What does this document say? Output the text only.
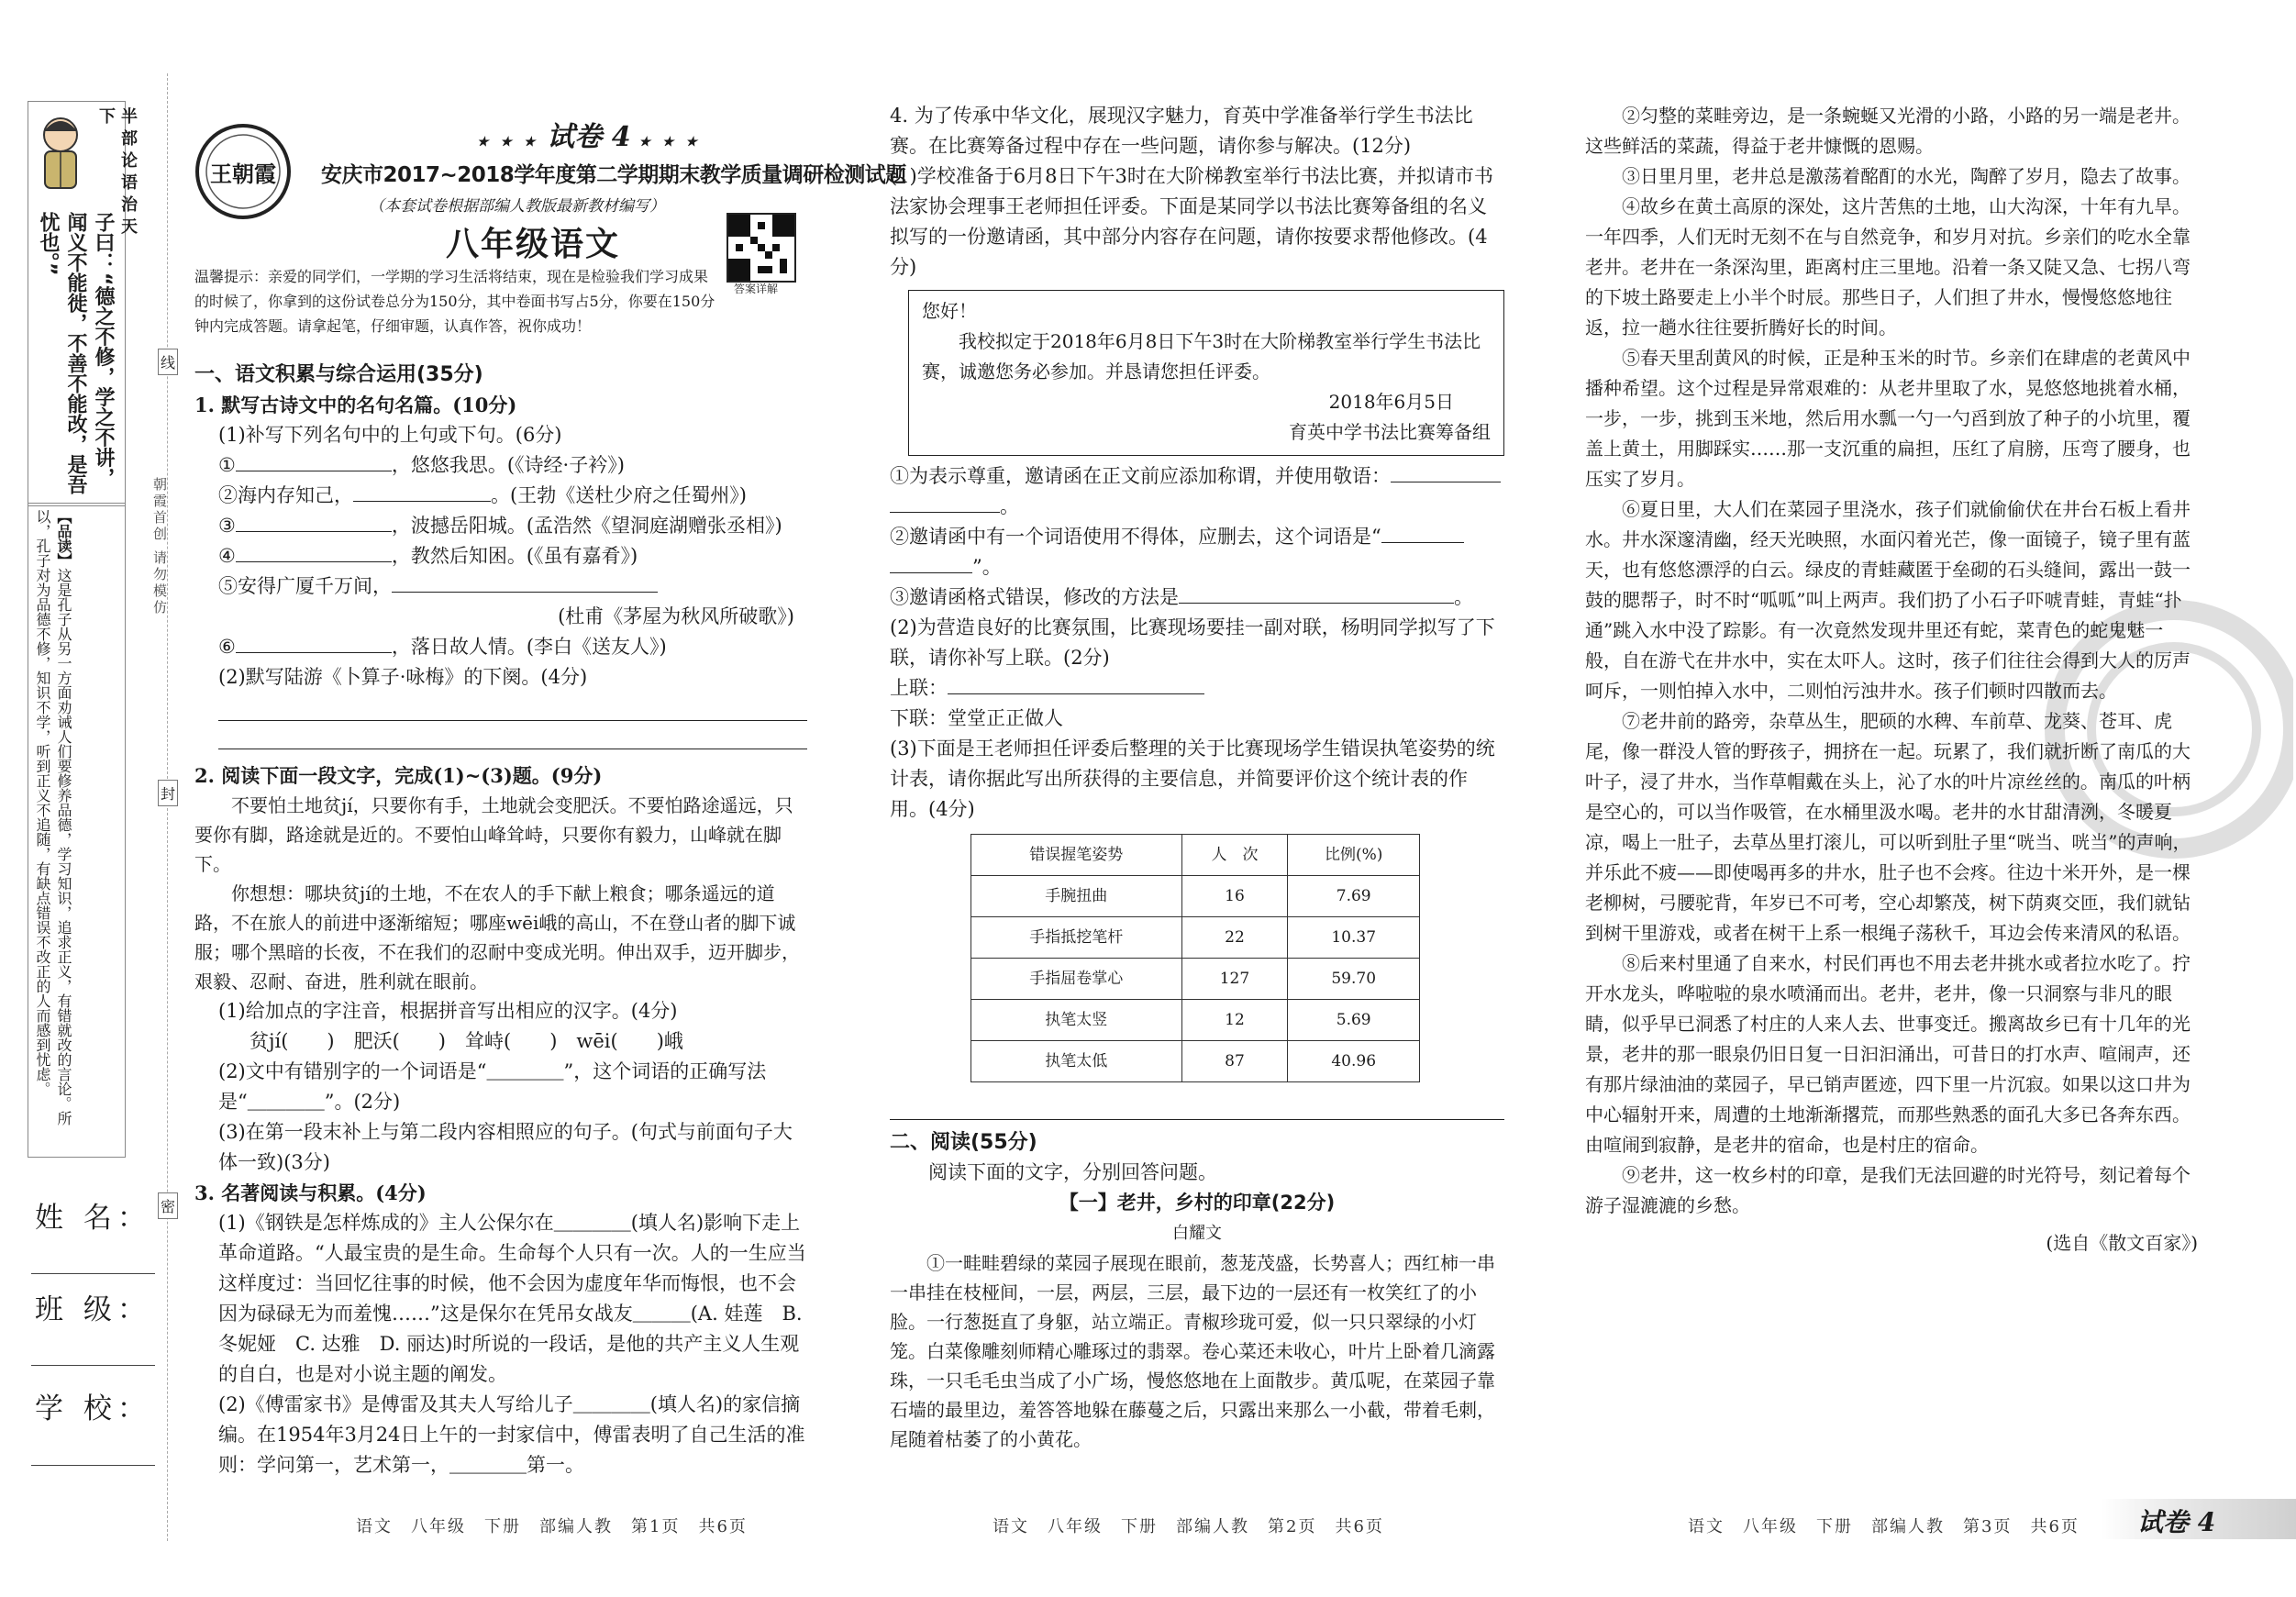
半部论语治天下
子曰：“德之不修，学之不讲，闻义不能徙，不善不能改，是吾忧也。”
【品读】这是孔子从另一方面劝诫人们要修养品德，学习知识，追求正义，有错就改的言论。所以，孔子对为品德不修，知识不学，听到正义不追随，有缺点错误不改正的人而感到忧虑。
姓 名：
班 级：
学 校：
线
封
密
朝霞首创 请勿模仿
王朝霞
★ ★ ★ 试卷 4 ★ ★ ★
安庆市2017~2018学年度第二学期期末教学质量调研检测试题
（本套试卷根据部编人教版最新教材编写）
八年级语文
答案详解
温馨提示：亲爱的同学们，一学期的学习生活将结束，现在是检验我们学习成果的时候了，你拿到的这份试卷总分为150分，其中卷面书写占5分，你要在150分钟内完成答题。请拿起笔，仔细审题，认真作答，祝你成功！

一、语文积累与综合运用(35分)

1. 默写古诗文中的名句名篇。(10分)

(1)补写下列名句中的上句或下句。(6分)

①	，悠悠我思。(《诗经·子衿》)

②海内存知己，	。(王勃《送杜少府之任蜀州》)

③	，波撼岳阳城。(孟浩然《望洞庭湖赠张丞相》)

④	，教然后知困。(《虽有嘉肴》)

⑤安得广厦千万间，

(杜甫《茅屋为秋风所破歌》)

⑥	，落日故人情。(李白《送友人》)

(2)默写陆游《卜算子·咏梅》的下阕。(4分)

2. 阅读下面一段文字，完成(1)~(3)题。(9分)

不要怕土地贫jí，只要你有手，土地就会变肥沃。不要怕路途遥远，只要你有脚，路途就是近的。不要怕山峰耸峙，只要你有毅力，山峰就在脚下。

你想想：哪块贫jí的土地，不在农人的手下献上粮食；哪条遥远的道路，不在旅人的前进中逐渐缩短；哪座wēi峨的高山，不在登山者的脚下诚服；哪个黑暗的长夜，不在我们的忍耐中变成光明。伸出双手，迈开脚步，艰毅、忍耐、奋进，胜利就在眼前。

(1)给加点的字注音，根据拼音写出相应的汉字。(4分)

贫jí(　　)　肥沃(　　)　耸峙(　　)　wēi(　　)峨

(2)文中有错别字的一个词语是“＿＿＿＿”，这个词语的正确写法是“＿＿＿＿”。(2分)

(3)在第一段末补上与第二段内容相照应的句子。(句式与前面句子大体一致)(3分)

3. 名著阅读与积累。(4分)

(1)《钢铁是怎样炼成的》主人公保尔在＿＿＿＿(填人名)影响下走上革命道路。“人最宝贵的是生命。生命每个人只有一次。人的一生应当这样度过：当回忆往事的时候，他不会因为虚度年华而悔恨，也不会因为碌碌无为而羞愧……”这是保尔在凭吊女战友＿＿＿(A. 娃莲　B. 冬妮娅　C. 达雅　D. 丽达)时所说的一段话，是他的共产主义人生观的自白，也是对小说主题的阐发。

(2)《傅雷家书》是傅雷及其夫人写给儿子＿＿＿＿(填人名)的家信摘编。在1954年3月24日上午的一封家信中，傅雷表明了自己生活的准则：学问第一，艺术第一，＿＿＿＿第一。

语文　八年级　下册　部编人教　第1页　共6页

4. 为了传承中华文化，展现汉字魅力，育英中学准备举行学生书法比赛。在比赛筹备过程中存在一些问题，请你参与解决。(12分)

(1)学校准备于6月8日下午3时在大阶梯教室举行书法比赛，并拟请市书法家协会理事王老师担任评委。下面是某同学以书法比赛筹备组的名义拟写的一份邀请函，其中部分内容存在问题，请你按要求帮他修改。(4分)

您好！

我校拟定于2018年6月8日下午3时在大阶梯教室举行学生书法比赛，诚邀您务必参加。并恳请您担任评委。

2018年6月5日

育英中学书法比赛筹备组

①为表示尊重，邀请函在正文前应添加称谓，并使用敬语：

。

②邀请函中有一个词语使用不得体，应删去，这个词语是“

”。

③邀请函格式错误，修改的方法是	。

(2)为营造良好的比赛氛围，比赛现场要挂一副对联，杨明同学拟写了下联，请你补写上联。(2分)

上联：

下联：堂堂正正做人

(3)下面是王老师担任评委后整理的关于比赛现场学生错误执笔姿势的统计表，请你据此写出所获得的主要信息，并简要评价这个统计表的作用。(4分)

错误握笔姿势	人　次	比例(%)
手腕扭曲	16	7.69
手指抵挖笔杆	22	10.37
手指屈卷掌心	127	59.70
执笔太竖	12	5.69
执笔太低	87	40.96

二、阅读(55分)

阅读下面的文字，分别回答问题。

【一】老井，乡村的印章(22分)

白耀文

①一畦畦碧绿的菜园子展现在眼前，葱茏茂盛，长势喜人；西红柿一串一串挂在枝桠间，一层，两层，三层，最下边的一层还有一枚笑红了的小脸。一行葱挺直了身躯，站立端正。青椒珍珑可爱，似一只只翠绿的小灯笼。白菜像雕刻师精心雕琢过的翡翠。卷心菜还未收心，叶片上卧着几滴露珠，一只毛毛虫当成了小广场，慢悠悠地在上面散步。黄瓜呢，在菜园子靠石墙的最里边，羞答答地躲在藤蔓之后，只露出来那么一小截，带着毛刺，尾随着枯萎了的小黄花。

语文　八年级　下册　部编人教　第2页　共6页

②匀整的菜畦旁边，是一条蜿蜒又光滑的小路，小路的另一端是老井。这些鲜活的菜蔬，得益于老井慷慨的恩赐。

③日里月里，老井总是激荡着酩酊的水光，陶醉了岁月，隐去了故事。

④故乡在黄土高原的深处，这片苦焦的土地，山大沟深，十年有九旱。一年四季，人们无时无刻不在与自然竞争，和岁月对抗。乡亲们的吃水全靠老井。老井在一条深沟里，距离村庄三里地。沿着一条又陡又急、七拐八弯的下坡土路要走上小半个时辰。那些日子，人们担了井水，慢慢悠悠地往返，拉一趟水往往要折腾好长的时间。

⑤春天里刮黄风的时候，正是种玉米的时节。乡亲们在肆虐的老黄风中播种希望。这个过程是异常艰难的：从老井里取了水，晃悠悠地挑着水桶，一步，一步，挑到玉米地，然后用水瓢一勺一勺舀到放了种子的小坑里，覆盖上黄土，用脚踩实……那一支沉重的扁担，压红了肩膀，压弯了腰身，也压实了岁月。

⑥夏日里，大人们在菜园子里浇水，孩子们就偷偷伏在井台石板上看井水。井水深邃清幽，经天光映照，水面闪着光芒，像一面镜子，镜子里有蓝天，也有悠悠漂浮的白云。绿皮的青蛙藏匿于垒砌的石头缝间，露出一鼓一鼓的腮帮子，时不时“呱呱”叫上两声。我们扔了小石子吓唬青蛙，青蛙“扑通”跳入水中没了踪影。有一次竟然发现井里还有蛇，菜青色的蛇鬼魅一般，自在游弋在井水中，实在太吓人。这时，孩子们往往会得到大人的厉声呵斥，一则怕掉入水中，二则怕污浊井水。孩子们顿时四散而去。

⑦老井前的路旁，杂草丛生，肥硕的水稗、车前草、龙葵、苍耳、虎尾，像一群没人管的野孩子，拥挤在一起。玩累了，我们就折断了南瓜的大叶子，浸了井水，当作草帽戴在头上，沁了水的叶片凉丝丝的。南瓜的叶柄是空心的，可以当作吸管，在水桶里汲水喝。老井的水甘甜清洌，冬暖夏凉，喝上一肚子，去草丛里打滚儿，可以听到肚子里“咣当、咣当”的声响，并乐此不疲——即使喝再多的井水，肚子也不会疼。往边十米开外，是一棵老柳树，弓腰驼背，年岁已不可考，空心却繁茂，树下荫爽交匝，我们就钻到树干里游戏，或者在树干上系一根绳子荡秋千，耳边会传来清风的私语。

⑧后来村里通了自来水，村民们再也不用去老井挑水或者拉水吃了。拧开水龙头，哗啦啦的泉水喷涌而出。老井，老井，像一只洞察与非凡的眼睛，似乎早已洞悉了村庄的人来人去、世事变迁。搬离故乡已有十几年的光景，老井的那一眼泉仍旧日复一日汩汩涌出，可昔日的打水声、喧闹声，还有那片绿油油的菜园子，早已销声匿迹，四下里一片沉寂。如果以这口井为中心辐射开来，周遭的土地渐渐撂荒，而那些熟悉的面孔大多已各奔东西。由喧闹到寂静，是老井的宿命，也是村庄的宿命。

⑨老井，这一枚乡村的印章，是我们无法回避的时光符号，刻记着每个游子湿漉漉的乡愁。

(选自《散文百家》)

语文　八年级　下册　部编人教　第3页　共6页 试卷 4
